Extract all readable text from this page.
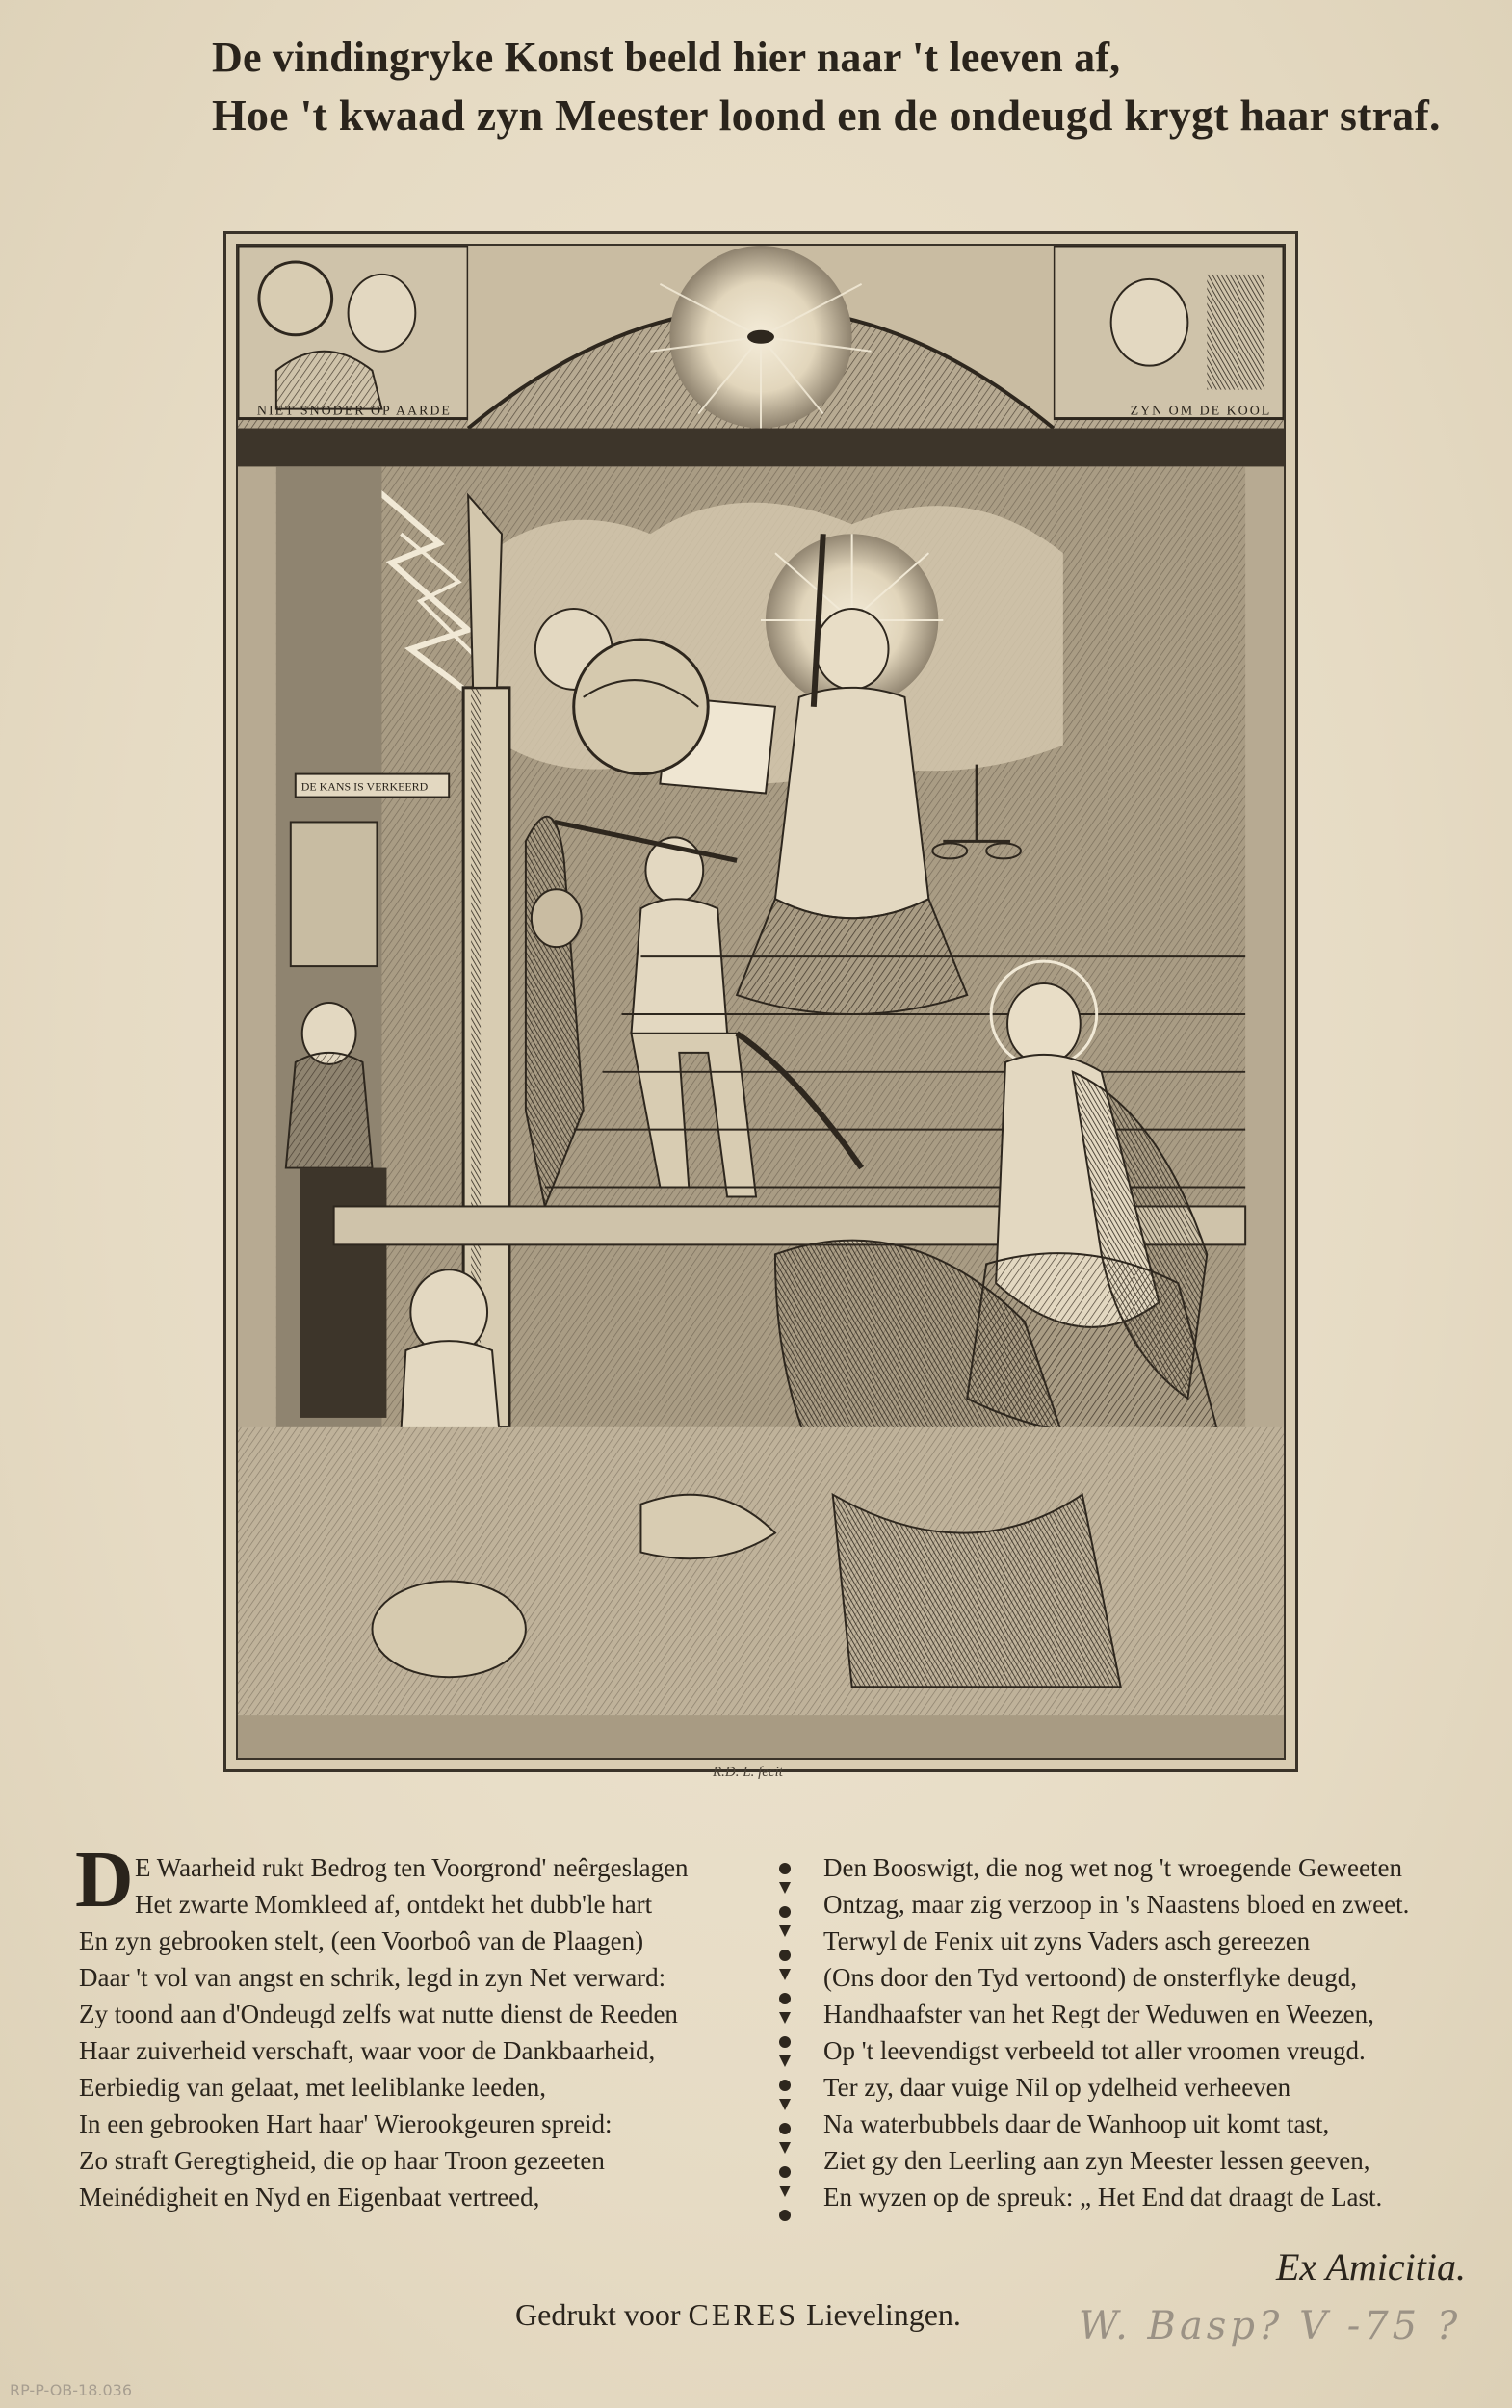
De vindingryke Konst beeld hier naar 't leeven af,
Hoe 't kwaad zyn Meester loond en de ondeugd krygt haar straf.
NIET SNODER OP AARDE	ZYN OM DE KOOL
DE KANS IS VERKEERD
R.D. L. fecit
D E Waarheid rukt Bedrog ten Voorgrond' neêrgeslagen
Het zwarte Momkleed af, ontdekt het dubb'le hart
En zyn gebrooken stelt, (een Voorboô van de Plaagen)
Daar 't vol van angst en schrik, legd in zyn Net verward:
Zy toond aan d'Ondeugd zelfs wat nutte dienst de Reeden
Haar zuiverheid verschaft, waar voor de Dankbaarheid,
Eerbiedig van gelaat, met leeliblanke leeden,
In een gebrooken Hart haar' Wierookgeuren spreid:
Zo straft Geregtigheid, die op haar Troon gezeeten
Meinédigheit en Nyd en Eigenbaat vertreed,
Den Booswigt, die nog wet nog 't wroegende Geweeten
Ontzag, maar zig verzoop in 's Naastens bloed en zweet.
Terwyl de Fenix uit zyns Vaders asch gereezen
(Ons door den Tyd vertoond) de onsterflyke deugd,
Handhaafster van het Regt der Weduwen en Weezen,
Op 't leevendigst verbeeld tot aller vroomen vreugd.
Ter zy, daar vuige Nil op ydelheid verheeven
Na waterbubbels daar de Wanhoop uit komt tast,
Ziet gy den Leerling aan zyn Meester lessen geeven,
En wyzen op de spreuk: „ Het End dat draagt de Last.
Ex Amicitia.
Gedrukt voor CERES Lievelingen.	W. Basp? V -75 ?
RP-P-OB-18.036
